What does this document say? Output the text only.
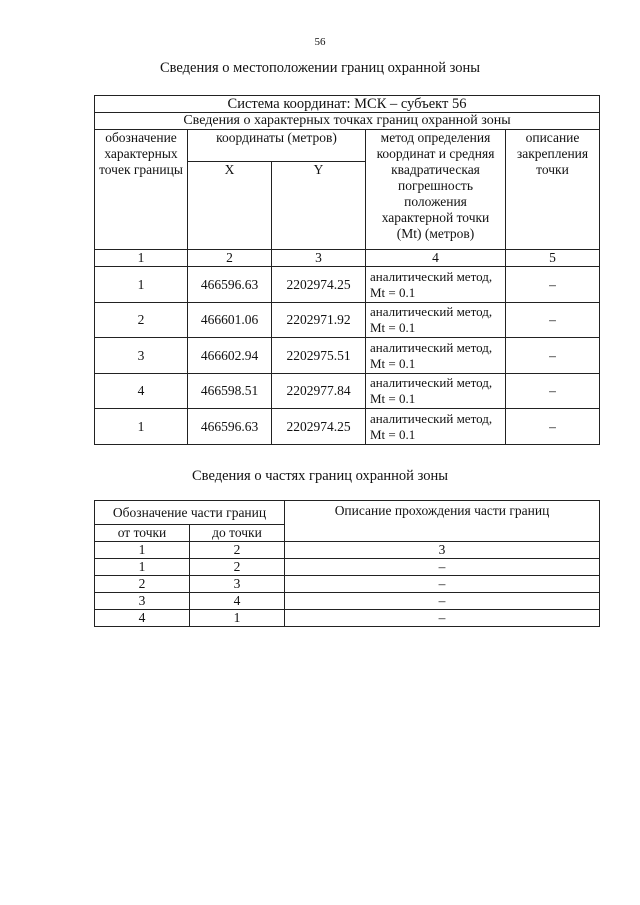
56
Сведения о местоположении границ охранной зоны
Система координат: МСК – субъект 56				
Сведения о характерных точках границ охранной зоны				
обозначение характерных точек границы	координаты (метров)		метод определения координат и средняя квадратическая погрешность положения характерной точки (Mt) (метров)	описание закрепления точки
	X	Y		
1	2	3	4	5
1	466596.63	2202974.25	аналитический метод, Mt = 0.1	–
2	466601.06	2202971.92	аналитический метод, Mt = 0.1	–
3	466602.94	2202975.51	аналитический метод, Mt = 0.1	–
4	466598.51	2202977.84	аналитический метод, Mt = 0.1	–
1	466596.63	2202974.25	аналитический метод, Mt = 0.1	–
Сведения о частях границ охранной зоны
Обозначение части границ		Описание прохождения части границ
от точки	до точки	
1	2	3
1	2	–
2	3	–
3	4	–
4	1	–
